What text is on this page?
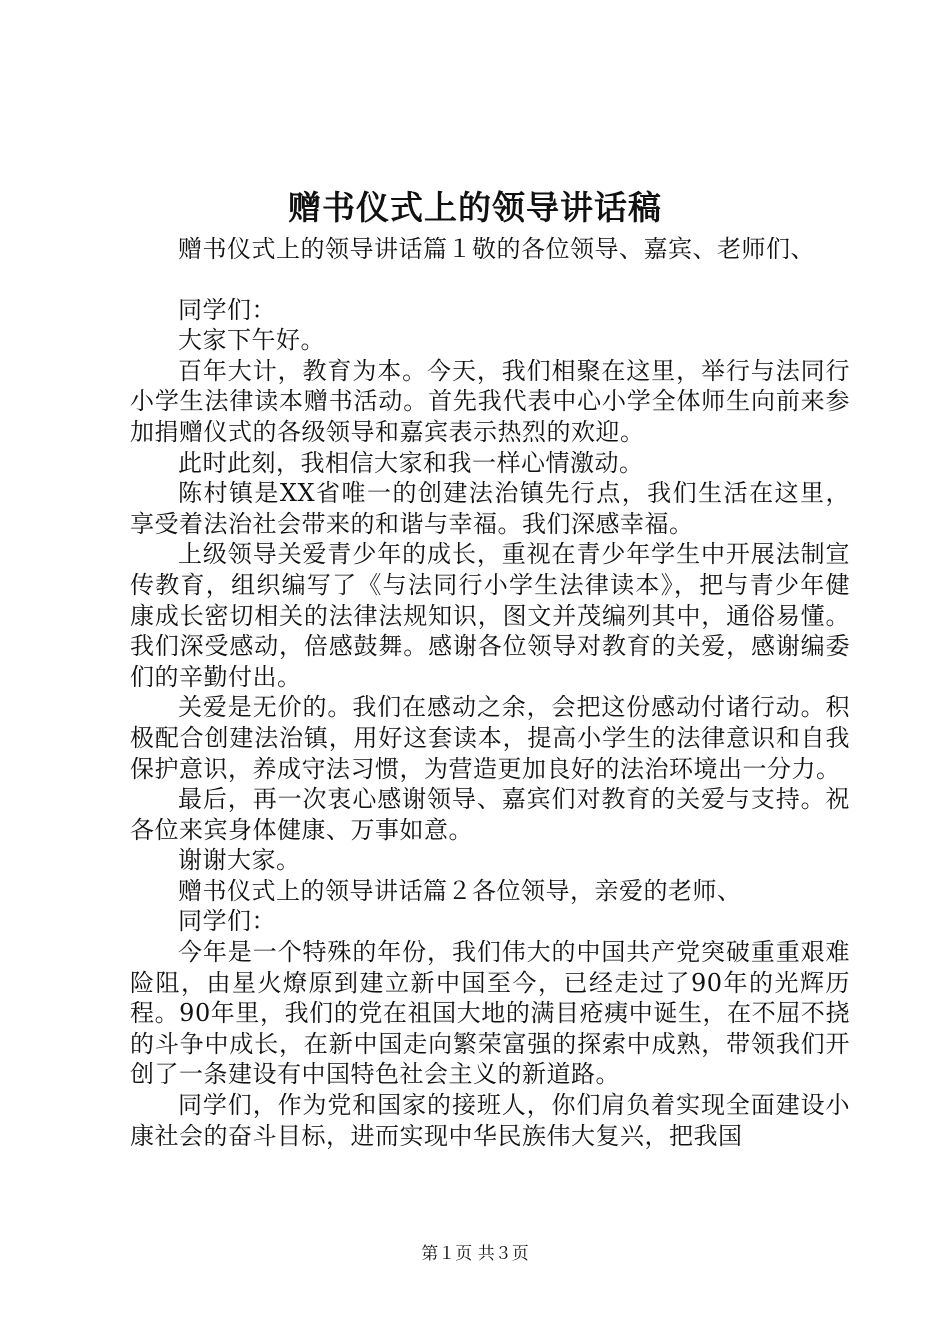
赠书仪式上的领导讲话稿

赠书仪式上的领导讲话篇１敬的各位领导、嘉宾、老师们、

同学们：

大家下午好。

百年大计，教育为本。今天，我们相聚在这里，举行与法同行小学生法律读本赠书活动。首先我代表中心小学全体师生向前来参加捐赠仪式的各级领导和嘉宾表示热烈的欢迎。

此时此刻，我相信大家和我一样心情激动。

陈村镇是XX省唯一的创建法治镇先行点，我们生活在这里，享受着法治社会带来的和谐与幸福。我们深感幸福。

上级领导关爱青少年的成长，重视在青少年学生中开展法制宣传教育，组织编写了《与法同行小学生法律读本》，把与青少年健康成长密切相关的法律法规知识，图文并茂编列其中，通俗易懂。我们深受感动，倍感鼓舞。感谢各位领导对教育的关爱，感谢编委们的辛勤付出。

关爱是无价的。我们在感动之余，会把这份感动付诸行动。积极配合创建法治镇，用好这套读本，提高小学生的法律意识和自我保护意识，养成守法习惯，为营造更加良好的法治环境出一分力。

最后，再一次衷心感谢领导、嘉宾们对教育的关爱与支持。祝各位来宾身体健康、万事如意。

谢谢大家。

赠书仪式上的领导讲话篇２各位领导，亲爱的老师、

同学们：

今年是一个特殊的年份，我们伟大的中国共产党突破重重艰难险阻，由星火燎原到建立新中国至今，已经走过了90年的光辉历程。90年里，我们的党在祖国大地的满目疮痍中诞生，在不屈不挠的斗争中成长，在新中国走向繁荣富强的探索中成熟，带领我们开创了一条建设有中国特色社会主义的新道路。

同学们，作为党和国家的接班人，你们肩负着实现全面建设小康社会的奋斗目标，进而实现中华民族伟大复兴，把我国

第１页 共３页
